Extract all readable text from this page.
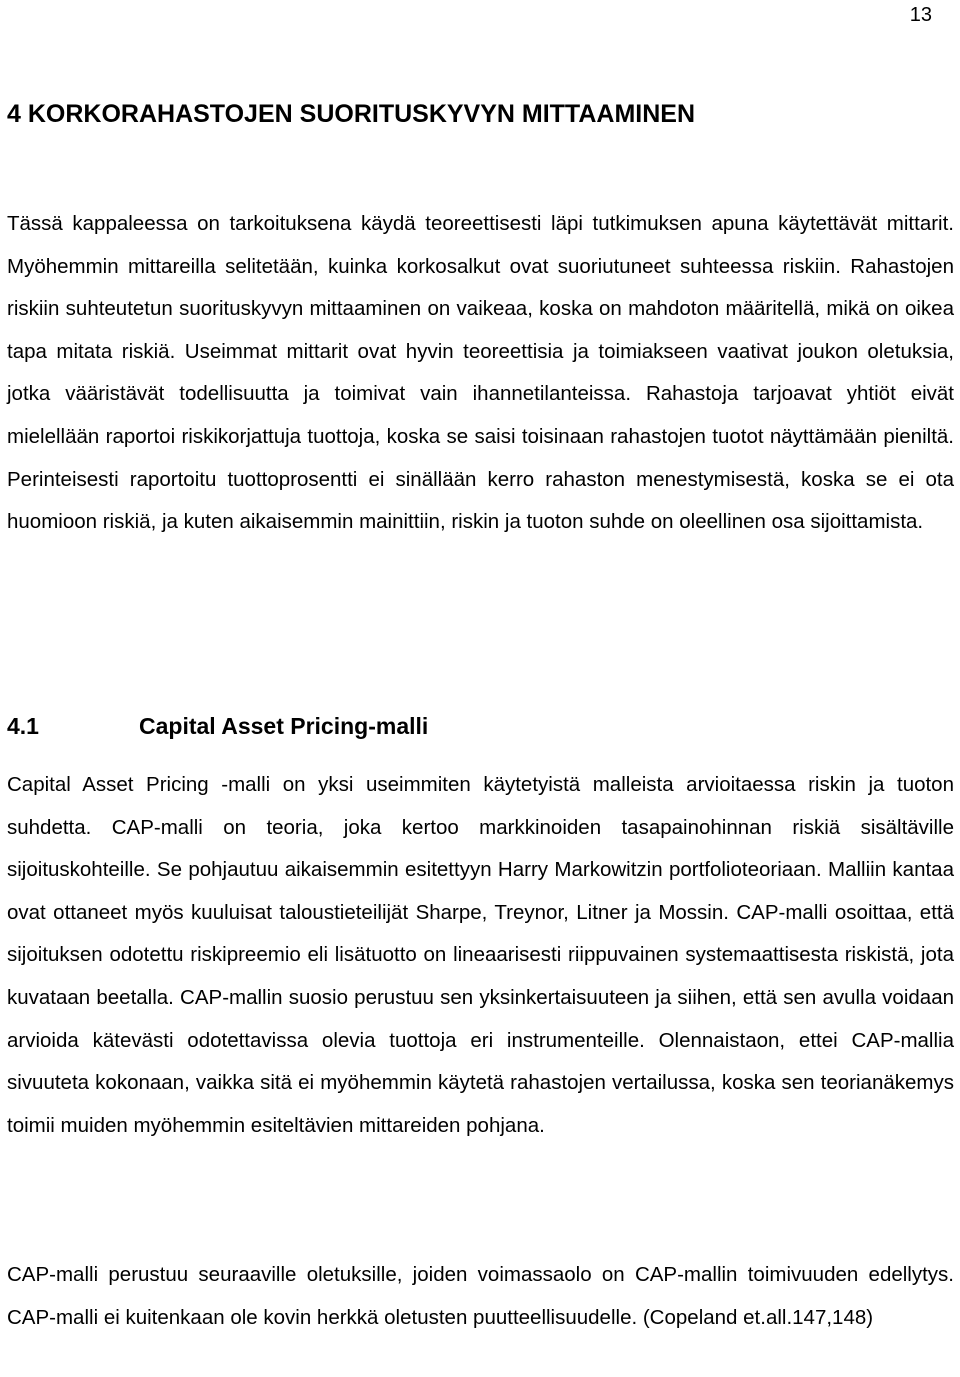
13
4 KORKORAHASTOJEN SUORITUSKYVYN MITTAAMINEN

Tässä kappaleessa on tarkoituksena käydä teoreettisesti läpi tutkimuksen apuna käytettävät mittarit. Myöhemmin mittareilla selitetään, kuinka korkosalkut ovat suoriutuneet suhteessa riskiin. Rahastojen riskiin suhteutetun suorituskyvyn mittaaminen on vaikeaa, koska on mahdoton määritellä, mikä on oikea tapa mitata riskiä. Useimmat mittarit ovat hyvin teoreettisia ja toimiakseen vaativat joukon oletuksia, jotka vääristävät todellisuutta ja toimivat vain ihannetilanteissa. Rahastoja tarjoavat yhtiöt eivät mielellään raportoi riskikorjattuja tuottoja, koska se saisi toisinaan rahastojen tuotot näyttämään pieniltä. Perinteisesti raportoitu tuottoprosentti ei sinällään kerro rahaston menestymisestä, koska se ei ota huomioon riskiä, ja kuten aikaisemmin mainittiin, riskin ja tuoton suhde on oleellinen osa sijoittamista.

4.1	Capital Asset Pricing-malli

Capital Asset Pricing -malli on yksi useimmiten käytetyistä malleista arvioitaessa riskin ja tuoton suhdetta. CAP-malli on teoria, joka kertoo markkinoiden tasapainohinnan riskiä sisältäville sijoituskohteille. Se pohjautuu aikaisemmin esitettyyn Harry Markowitzin portfolioteoriaan. Malliin kantaa ovat ottaneet myös kuuluisat taloustieteilijät Sharpe, Treynor, Litner ja Mossin. CAP-malli osoittaa, että sijoituksen odotettu riskipreemio eli lisätuotto on lineaarisesti riippuvainen systemaattisesta riskistä, jota kuvataan beetalla. CAP-mallin suosio perustuu sen yksinkertaisuuteen ja siihen, että sen avulla voidaan arvioida kätevästi odotettavissa olevia tuottoja eri instrumenteille. Olennaistaon, ettei CAP-mallia sivuuteta kokonaan, vaikka sitä ei myöhemmin käytetä rahastojen vertailussa, koska sen teorianäkemys toimii muiden myöhemmin esiteltävien mittareiden pohjana.

CAP-malli perustuu seuraaville oletuksille, joiden voimassaolo on CAP-mallin toimivuuden edellytys. CAP-malli ei kuitenkaan ole kovin herkkä oletusten puutteellisuudelle. (Copeland et.all.147,148)
